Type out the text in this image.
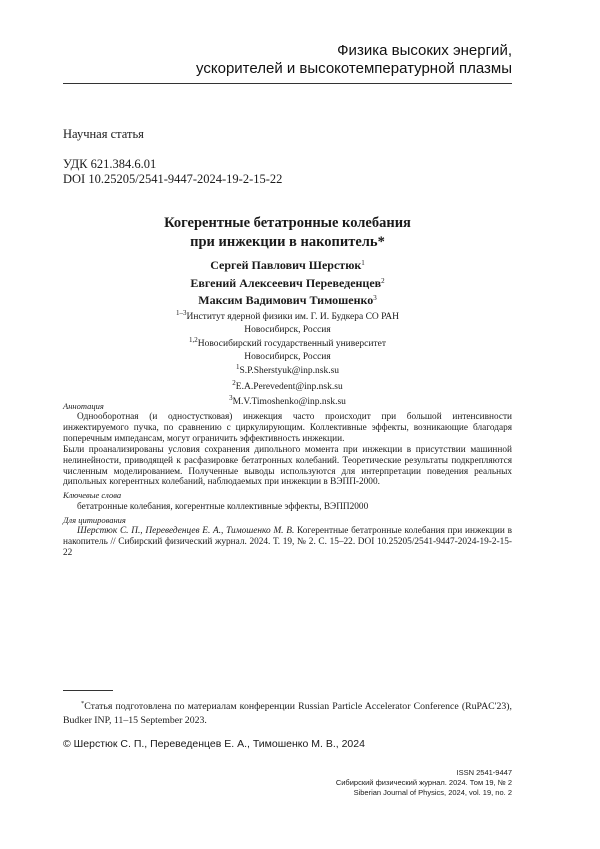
Физика высоких энергий,
ускорителей и высокотемпературной плазмы
Научная статья
УДК 621.384.6.01
DOI 10.25205/2541-9447-2024-19-2-15-22
Когерентные бетатронные колебания
при инжекции в накопитель*
Сергей Павлович Шерстюк$^1$
Евгений Алексеевич Переведенцев$^2$
Максим Вадимович Тимошенко$^3$
$^{1-3}$Институт ядерной физики им. Г. И. Будкера СО РАН
Новосибирск, Россия
$^{1,2}$Новосибирский государственный университет
Новосибирск, Россия
$^1$S.P.Sherstyuk@inp.nsk.su
$^2$E.A.Perevedent@inp.nsk.su
$^3$M.V.Timoshenko@inp.nsk.su
Аннотация
Однооборотная (и одностустковая) инжекция часто происходит при большой интенсивности инжектируемого пучка, по сравнению с циркулирующим. Коллективные эффекты, возникающие благодаря поперечным импедансам, могут ограничить эффективность инжекции.
Были проанализированы условия сохранения дипольного момента при инжекции в присутствии машинной нелинейности, приводящей к расфазировке бетатронных колебаний. Теоретические результаты подкрепляются численным моделированием. Полученные выводы используются для интерпретации поведения реальных дипольных когерентных колебаний, наблюдаемых при инжекции в ВЭПП-2000.
Ключевые слова
бетатронные колебания, когерентные коллективные эффекты, ВЭПП2000
Для цитирования
Шерстюк С. П., Переведенцев Е. А., Тимошенко М. В. Когерентные бетатронные колебания при инжекции в накопитель // Сибирский физический журнал. 2024. Т. 19, № 2. С. 15–22. DOI 10.25205/2541-9447-2024-19-2-15-22
*Статья подготовлена по материалам конференции Russian Particle Accelerator Conference (RuPAC'23), Budker INP, 11–15 September 2023.
© Шерстюк С. П., Переведенцев Е. А., Тимошенко М. В., 2024
ISSN 2541-9447
Сибирский физический журнал. 2024. Том 19, № 2
Siberian Journal of Physics, 2024, vol. 19, no. 2
